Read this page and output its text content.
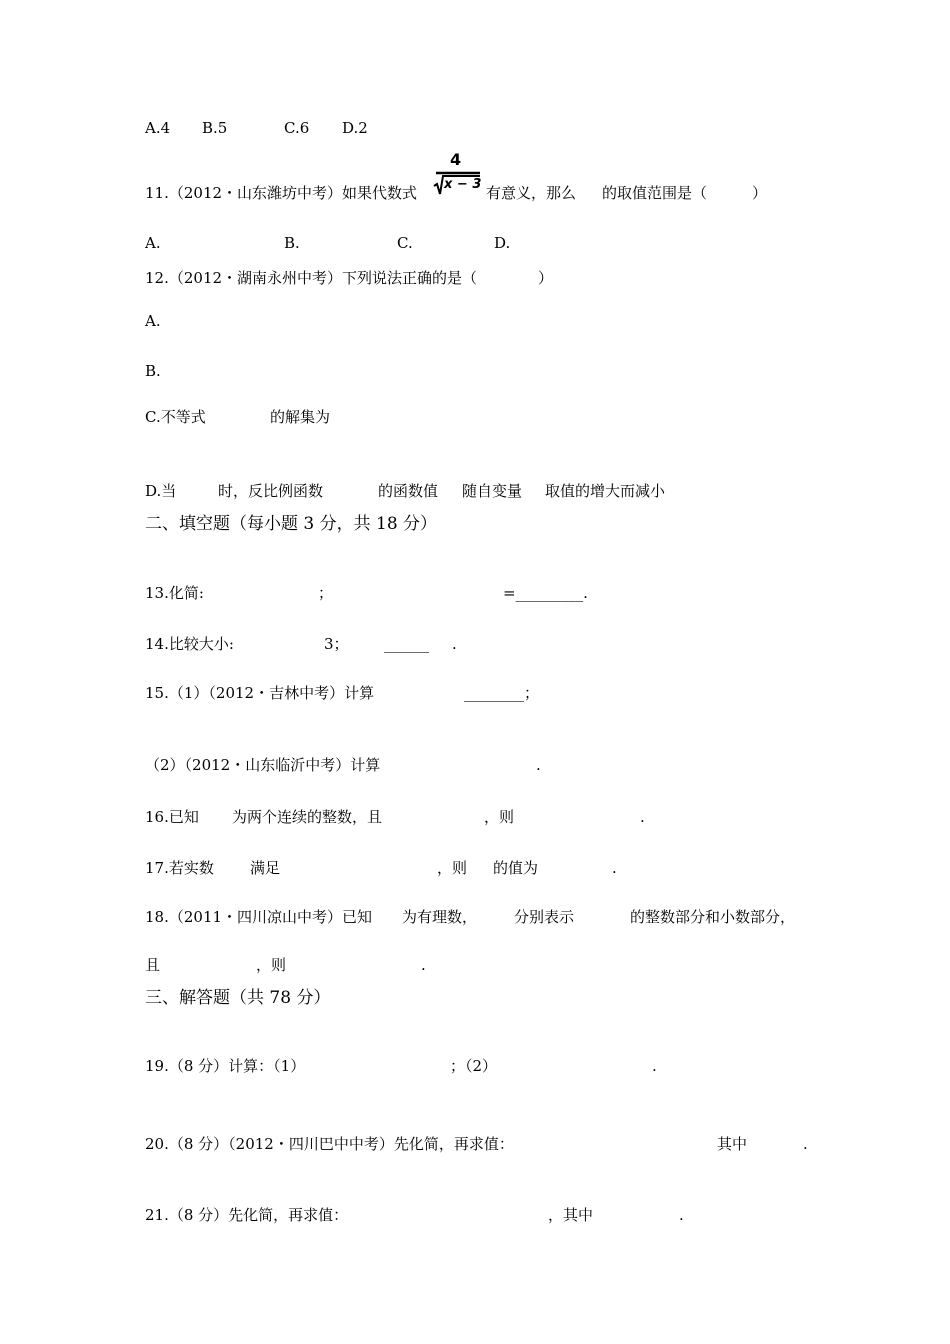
A.4 B.5	C.6 D.2
11.（2012・山东潍坊中考）如果代数式
4
x − 3 有意义，那么 的取值范围是（	）
A.	B.	C.	D.
12.（2012・湖南永州中考）下列说法正确的是（	）
A.
B.
C.不等式	的解集为
D.当	时，反比例函数	的函数值 随自变量 取值的增大而减小
二、填空题（每小题 3 分，共 18 分）
13.化简:	；	=_________.
14.比较大小:	3； ______ .
15.（1）（2012・吉林中考）计算	________；
（2）（2012・山东临沂中考）计算	.
16.已知 为两个连续的整数，且	，则	.
17.若实数 满足	，则 的值为	.
18.（2011・四川凉山中考）已知 为有理数， 分别表示	的整数部分和小数部分，
且	，则	.
三、解答题（共 78 分）
19.（8 分）计算：（1）	；（2）	.
20.（8 分）（2012・四川巴中中考）先化简，再求值：	其中	.
21.（8 分）先化简，再求值：	，其中	.
